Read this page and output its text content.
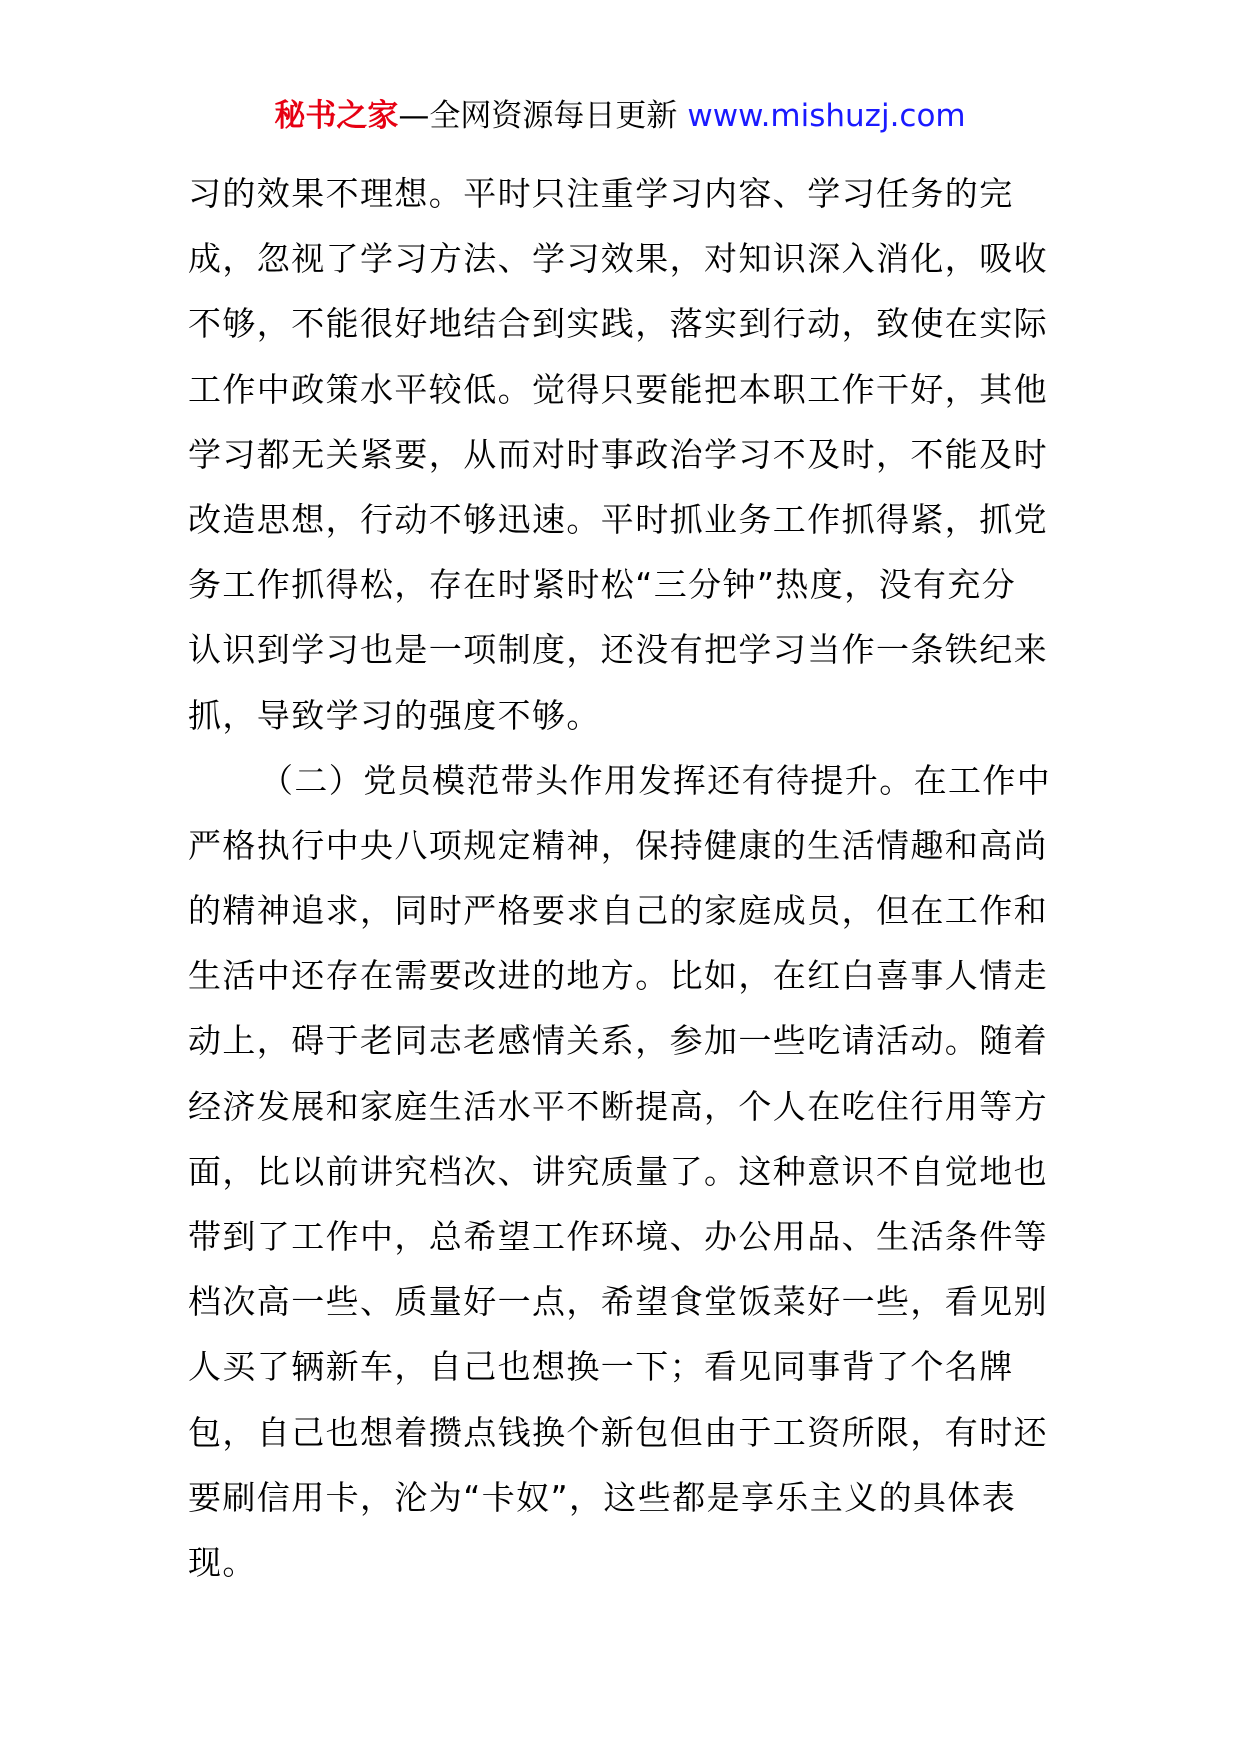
秘书之家—全网资源每日更新 www.mishuzj.com
习的效果不理想。平时只注重学习内容、学习任务的完
成，忽视了学习方法、学习效果，对知识深入消化，吸收
不够，不能很好地结合到实践，落实到行动，致使在实际
工作中政策水平较低。觉得只要能把本职工作干好，其他
学习都无关紧要，从而对时事政治学习不及时，不能及时
改造思想，行动不够迅速。平时抓业务工作抓得紧，抓党
务工作抓得松，存在时紧时松“三分钟”热度，没有充分
认识到学习也是一项制度，还没有把学习当作一条铁纪来
抓，导致学习的强度不够。
（二）党员模范带头作用发挥还有待提升。在工作中
严格执行中央八项规定精神，保持健康的生活情趣和高尚
的精神追求，同时严格要求自己的家庭成员，但在工作和
生活中还存在需要改进的地方。比如，在红白喜事人情走
动上，碍于老同志老感情关系，参加一些吃请活动。随着
经济发展和家庭生活水平不断提高，个人在吃住行用等方
面，比以前讲究档次、讲究质量了。这种意识不自觉地也
带到了工作中，总希望工作环境、办公用品、生活条件等
档次高一些、质量好一点，希望食堂饭菜好一些，看见别
人买了辆新车，自己也想换一下；看见同事背了个名牌
包，自己也想着攒点钱换个新包但由于工资所限，有时还
要刷信用卡，沦为“卡奴”，这些都是享乐主义的具体表
现。
